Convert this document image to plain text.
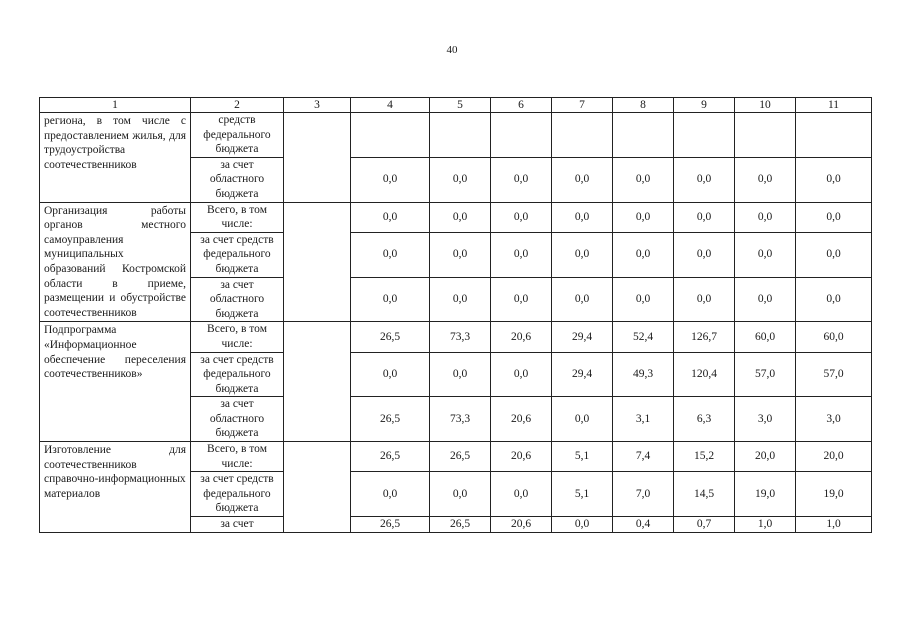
40
1	2	3	4	5	6	7	8	9	10	11
региона, в том числе с предоставлением жилья, для трудоустройства соотечественников	средств федерального бюджета									
	за счет областного бюджета		0,0	0,0	0,0	0,0	0,0	0,0	0,0	0,0
Организация работы органов местного самоуправления муниципальных образований Костромской области в приеме, размещении и обустройстве соотечественников	Всего, в том числе:		0,0	0,0	0,0	0,0	0,0	0,0	0,0	0,0
	за счет средств федерального бюджета		0,0	0,0	0,0	0,0	0,0	0,0	0,0	0,0
	за счет областного бюджета		0,0	0,0	0,0	0,0	0,0	0,0	0,0	0,0
Подпрограмма «Информационное обеспечение переселения соотечественников»	Всего, в том числе:		26,5	73,3	20,6	29,4	52,4	126,7	60,0	60,0
	за счет средств федерального бюджета		0,0	0,0	0,0	29,4	49,3	120,4	57,0	57,0
	за счет областного бюджета		26,5	73,3	20,6	0,0	3,1	6,3	3,0	3,0
Изготовление для соотечественников справочно-информационных материалов	Всего, в том числе:		26,5	26,5	20,6	5,1	7,4	15,2	20,0	20,0
	за счет средств федерального бюджета		0,0	0,0	0,0	5,1	7,0	14,5	19,0	19,0
	за счет		26,5	26,5	20,6	0,0	0,4	0,7	1,0	1,0
